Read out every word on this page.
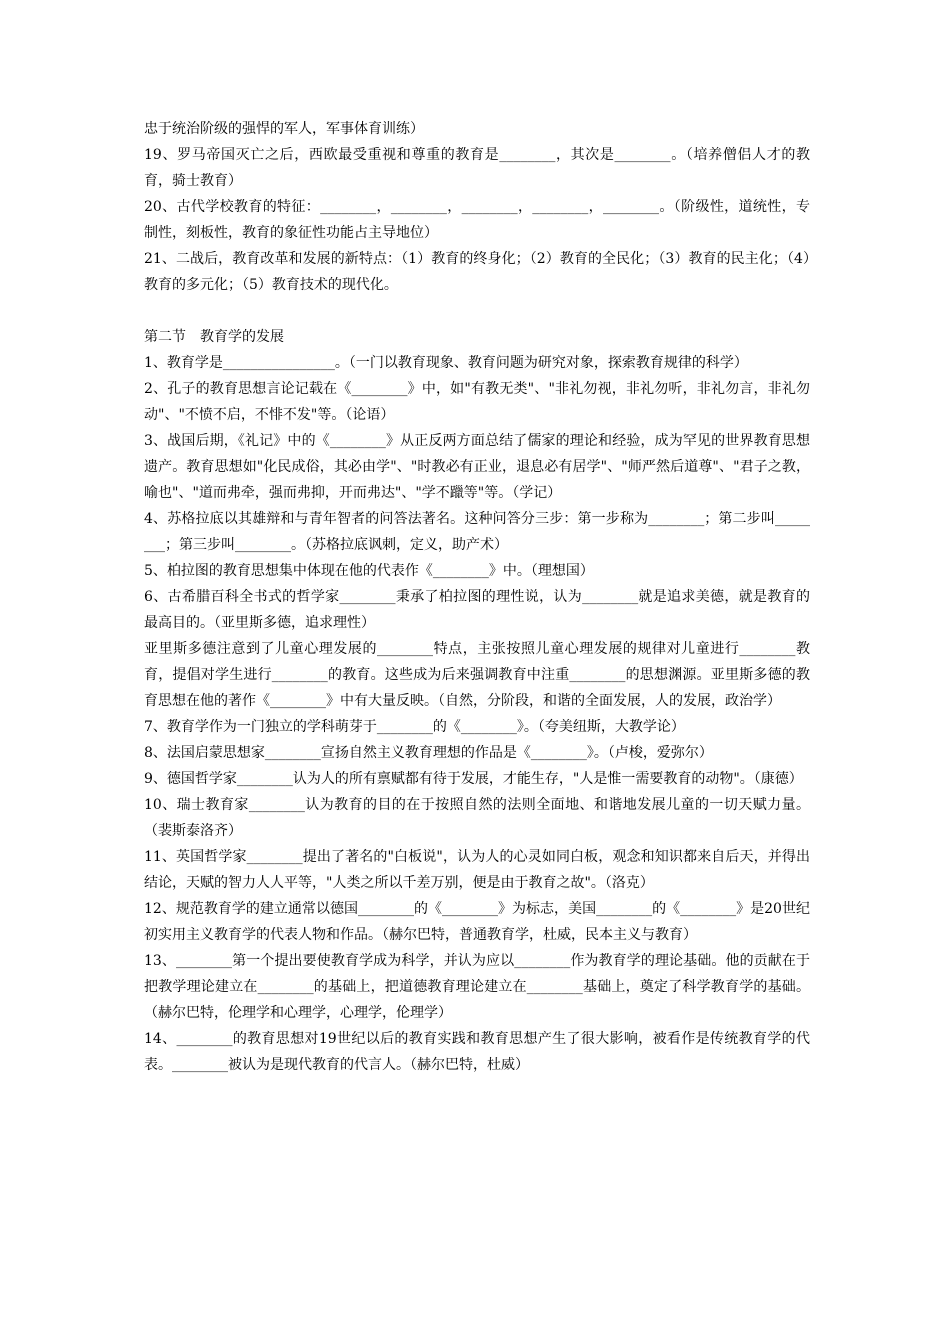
忠于统治阶级的强悍的军人，军事体育训练）

19、罗马帝国灭亡之后，西欧最受重视和尊重的教育是________，其次是________。（培养僧侣人才的教育，骑士教育）

20、古代学校教育的特征：________，________，________，________，________。（阶级性，道统性，专制性，刻板性，教育的象征性功能占主导地位）

21、二战后，教育改革和发展的新特点：（1）教育的终身化；（2）教育的全民化；（3）教育的民主化；（4）教育的多元化；（5）教育技术的现代化。

第二节　教育学的发展

1、教育学是________________。（一门以教育现象、教育问题为研究对象，探索教育规律的科学）

2、孔子的教育思想言论记载在《________》中，如"有教无类"、"非礼勿视，非礼勿听，非礼勿言，非礼勿动"、"不愤不启，不悱不发"等。（论语）

3、战国后期，《礼记》中的《________》从正反两方面总结了儒家的理论和经验，成为罕见的世界教育思想遗产。教育思想如"化民成俗，其必由学"、"时教必有正业，退息必有居学"、"师严然后道尊"、"君子之教，喻也"、"道而弗牵，强而弗抑，开而弗达"、"学不躐等"等。（学记）

4、苏格拉底以其雄辩和与青年智者的问答法著名。这种问答分三步：第一步称为________；第二步叫________；第三步叫________。（苏格拉底讽刺，定义，助产术）

5、柏拉图的教育思想集中体现在他的代表作《________》中。（理想国）

6、古希腊百科全书式的哲学家________秉承了柏拉图的理性说，认为________就是追求美德，就是教育的最高目的。（亚里斯多德，追求理性）

亚里斯多德注意到了儿童心理发展的________特点，主张按照儿童心理发展的规律对儿童进行________教育，提倡对学生进行________的教育。这些成为后来强调教育中注重________的思想渊源。亚里斯多德的教育思想在他的著作《________》中有大量反映。（自然，分阶段，和谐的全面发展，人的发展，政治学）

7、教育学作为一门独立的学科萌芽于________的《________》。（夸美纽斯，大教学论）

8、法国启蒙思想家________宣扬自然主义教育理想的作品是《________》。（卢梭，爱弥尔）

9、德国哲学家________认为人的所有禀赋都有待于发展，才能生存，"人是惟一需要教育的动物"。（康德）

10、瑞士教育家________认为教育的目的在于按照自然的法则全面地、和谐地发展儿童的一切天赋力量。（裴斯泰洛齐）

11、英国哲学家________提出了著名的"白板说"，认为人的心灵如同白板，观念和知识都来自后天，并得出结论，天赋的智力人人平等，"人类之所以千差万别，便是由于教育之故"。（洛克）

12、规范教育学的建立通常以德国________的《________》为标志，美国________的《________》是20世纪初实用主义教育学的代表人物和作品。（赫尔巴特，普通教育学，杜威，民本主义与教育）

13、________第一个提出要使教育学成为科学，并认为应以________作为教育学的理论基础。他的贡献在于把教学理论建立在________的基础上，把道德教育理论建立在________基础上，奠定了科学教育学的基础。（赫尔巴特，伦理学和心理学，心理学，伦理学）

14、________的教育思想对19世纪以后的教育实践和教育思想产生了很大影响，被看作是传统教育学的代表。________被认为是现代教育的代言人。（赫尔巴特，杜威）
